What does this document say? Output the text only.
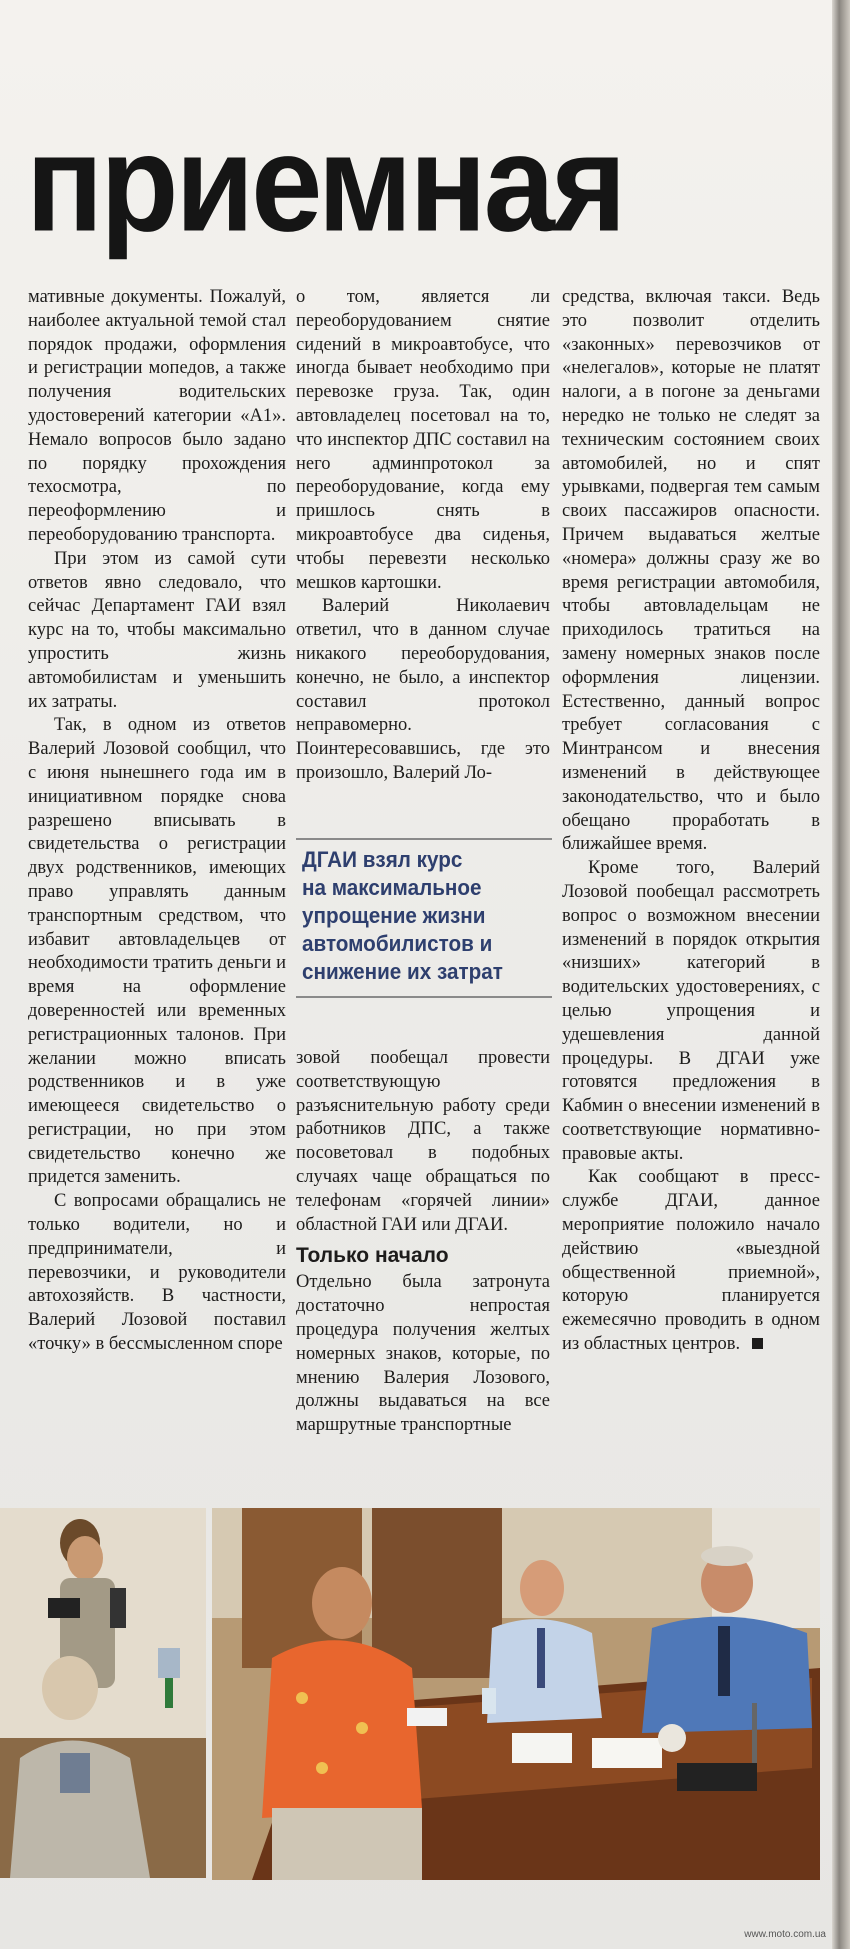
приемная

мативные документы. Пожалуй, наиболее актуальной темой стал порядок продажи, оформления и регистрации мопедов, а также получения водительских удостоверений категории «А1». Немало вопросов было задано по порядку прохождения техосмотра, по переоформлению и переоборудованию транспорта.

При этом из самой сути ответов явно следовало, что сейчас Департамент ГАИ взял курс на то, чтобы максимально упростить жизнь автомобилистам и уменьшить их затраты.

Так, в одном из ответов Валерий Лозовой сообщил, что с июня нынешнего года им в инициативном порядке снова разрешено вписывать в свидетельства о регистрации двух родственников, имеющих право управлять данным транспортным средством, что избавит автовладельцев от необходимости тратить деньги и время на оформление доверенностей или временных регистрационных талонов. При желании можно вписать родственников и в уже имеющееся свидетельство о регистрации, но при этом свидетельство конечно же придется заменить.

С вопросами обращались не только водители, но и предприниматели, и перевозчики, и руководители автохозяйств. В частности, Валерий Лозовой поставил «точку» в бессмысленном споре

о том, является ли переоборудованием снятие сидений в микроавтобусе, что иногда бывает необходимо при перевозке груза. Так, один автовладелец посетовал на то, что инспектор ДПС составил на него админпротокол за переоборудование, когда ему пришлось снять в микроавтобусе два сиденья, чтобы перевезти несколько мешков картошки.

Валерий Николаевич ответил, что в данном случае никакого переоборудования, конечно, не было, а инспектор составил протокол неправомерно. Поинтересовавшись, где это произошло, Валерий Ло-

ДГАИ взял курс
на максимальное
упрощение жизни
автомобилистов и
снижение их затрат

зовой пообещал провести соответствующую разъяснительную работу среди работников ДПС, а также посоветовал в подобных случаях чаще обращаться по телефонам «горячей линии» областной ГАИ или ДГАИ.

Только начало

Отдельно была затронута достаточно непростая процедура получения желтых номерных знаков, которые, по мнению Валерия Лозового, должны выдаваться на все маршрутные транспортные

средства, включая такси. Ведь это позволит отделить «законных» перевозчиков от «нелегалов», которые не платят налоги, а в погоне за деньгами нередко не только не следят за техническим состоянием своих автомобилей, но и спят урывками, подвергая тем самым своих пассажиров опасности. Причем выдаваться желтые «номера» должны сразу же во время регистрации автомобиля, чтобы автовладельцам не приходилось тратиться на замену номерных знаков после оформления лицензии. Естественно, данный вопрос требует согласования с Минтрансом и внесения изменений в действующее законодательство, что и было обещано проработать в ближайшее время.

Кроме того, Валерий Лозовой пообещал рассмотреть вопрос о возможном внесении изменений в порядок открытия «низших» категорий в водительских удостоверениях, с целью упрощения и удешевления данной процедуры. В ДГАИ уже готовятся предложения в Кабмин о внесении изменений в соответствующие нормативно-правовые акты.

Как сообщают в пресс-службе ДГАИ, данное мероприятие положило начало действию «выездной общественной приемной», которую планируется ежемесячно проводить в одном из областных центров.

www.moto.com.ua
